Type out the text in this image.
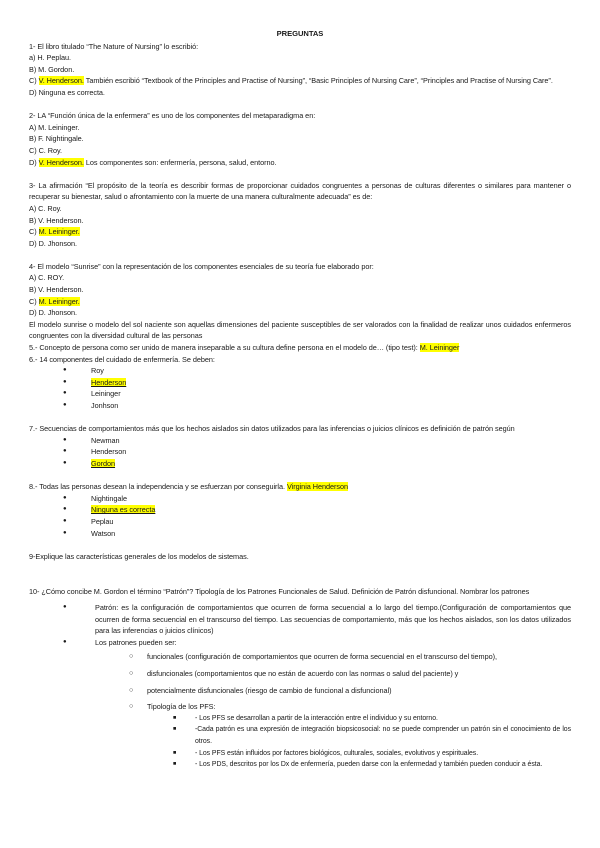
PREGUNTAS
1- El libro titulado “The Nature of Nursing” lo escribió:
a) H. Peplau.
B) M. Gordon.
C) V. Henderson. También escribió “Textbook of the Principles and Practise of Nursing”, “Basic Principles of Nursing Care”, “Principles and Practise of Nursing Care”.
D) Ninguna es correcta.
2- LA “Función única de la enfermera” es uno de los componentes del metaparadigma en:
A) M. Leininger.
B) F. Nightingale.
C) C. Roy.
D) V. Henderson. Los componentes son: enfermería, persona, salud, entorno.
3- La afirmación “El propósito de la teoría es describir formas de proporcionar cuidados congruentes a personas de culturas diferentes o similares para mantener o recuperar su bienestar, salud o afrontamiento con la muerte de una manera culturalmente adecuada” es de:
A) C. Roy.
B) V. Henderson.
C) M. Leininger.
D) D. Jhonson.
4- El modelo “Sunrise” con la representación de los componentes esenciales de su teoría fue elaborado por:
A) C. ROY.
B) V. Henderson.
C) M. Leininger.
D) D. Jhonson.
El modelo sunrise o modelo del sol naciente son aquellas dimensiones del paciente susceptibles de ser valorados con la finalidad de realizar unos cuidados enfermeros congruentes con la diversidad cultural de las personas
5.- Concepto de persona como ser unido de manera inseparable a su cultura define persona en el modelo de… (tipo test): M. Leininger
6.- 14 componentes del cuidado de enfermería. Se deben:
● Roy
● Henderson
● Leininger
● Jonhson
7.- Secuencias de comportamientos más que los hechos aislados sin datos utilizados para las inferencias o juicios clínicos es definición de patrón según
● Newman
● Henderson
● Gordon
8.- Todas las personas desean la independencia y se esfuerzan por conseguirla. Virginia Henderson
● Nightingale
● Ninguna es correcta
● Peplau
● Watson
9-Explique las características generales de los modelos de sistemas.
10- ¿Cómo concibe M. Gordon el término “Patrón”? Tipología de los Patrones Funcionales de Salud. Definición de Patrón disfuncional. Nombrar los patrones
● Patrón: es la configuración de comportamientos que ocurren de forma secuencial a lo largo del tiempo.(Configuración de comportamientos que ocurren de forma secuencial en el transcurso del tiempo. Las secuencias de comportamiento, más que los hechos aislados, son los datos utilizados para las inferencias o juicios clínicos)
● Los patrones pueden ser:
○ funcionales (configuración de comportamientos que ocurren de forma secuencial en el transcurso del tiempo),
○ disfuncionales (comportamientos que no están de acuerdo con las normas o salud del paciente) y
○ potencialmente disfuncionales (riesgo de cambio de funcional a disfuncional)
○ Tipología de los PFS:
■ - Los PFS se desarrollan a partir de la interacción entre el individuo y su entorno.
■ -Cada patrón es una expresión de integración biopsicosocial: no se puede comprender un patrón sin el conocimiento de los otros.
■ - Los PFS están influidos por factores biológicos, culturales, sociales, evolutivos y espirituales.
■ - Los PDS, descritos por los Dx de enfermería, pueden darse con la enfermedad y también pueden conducir a ésta.
